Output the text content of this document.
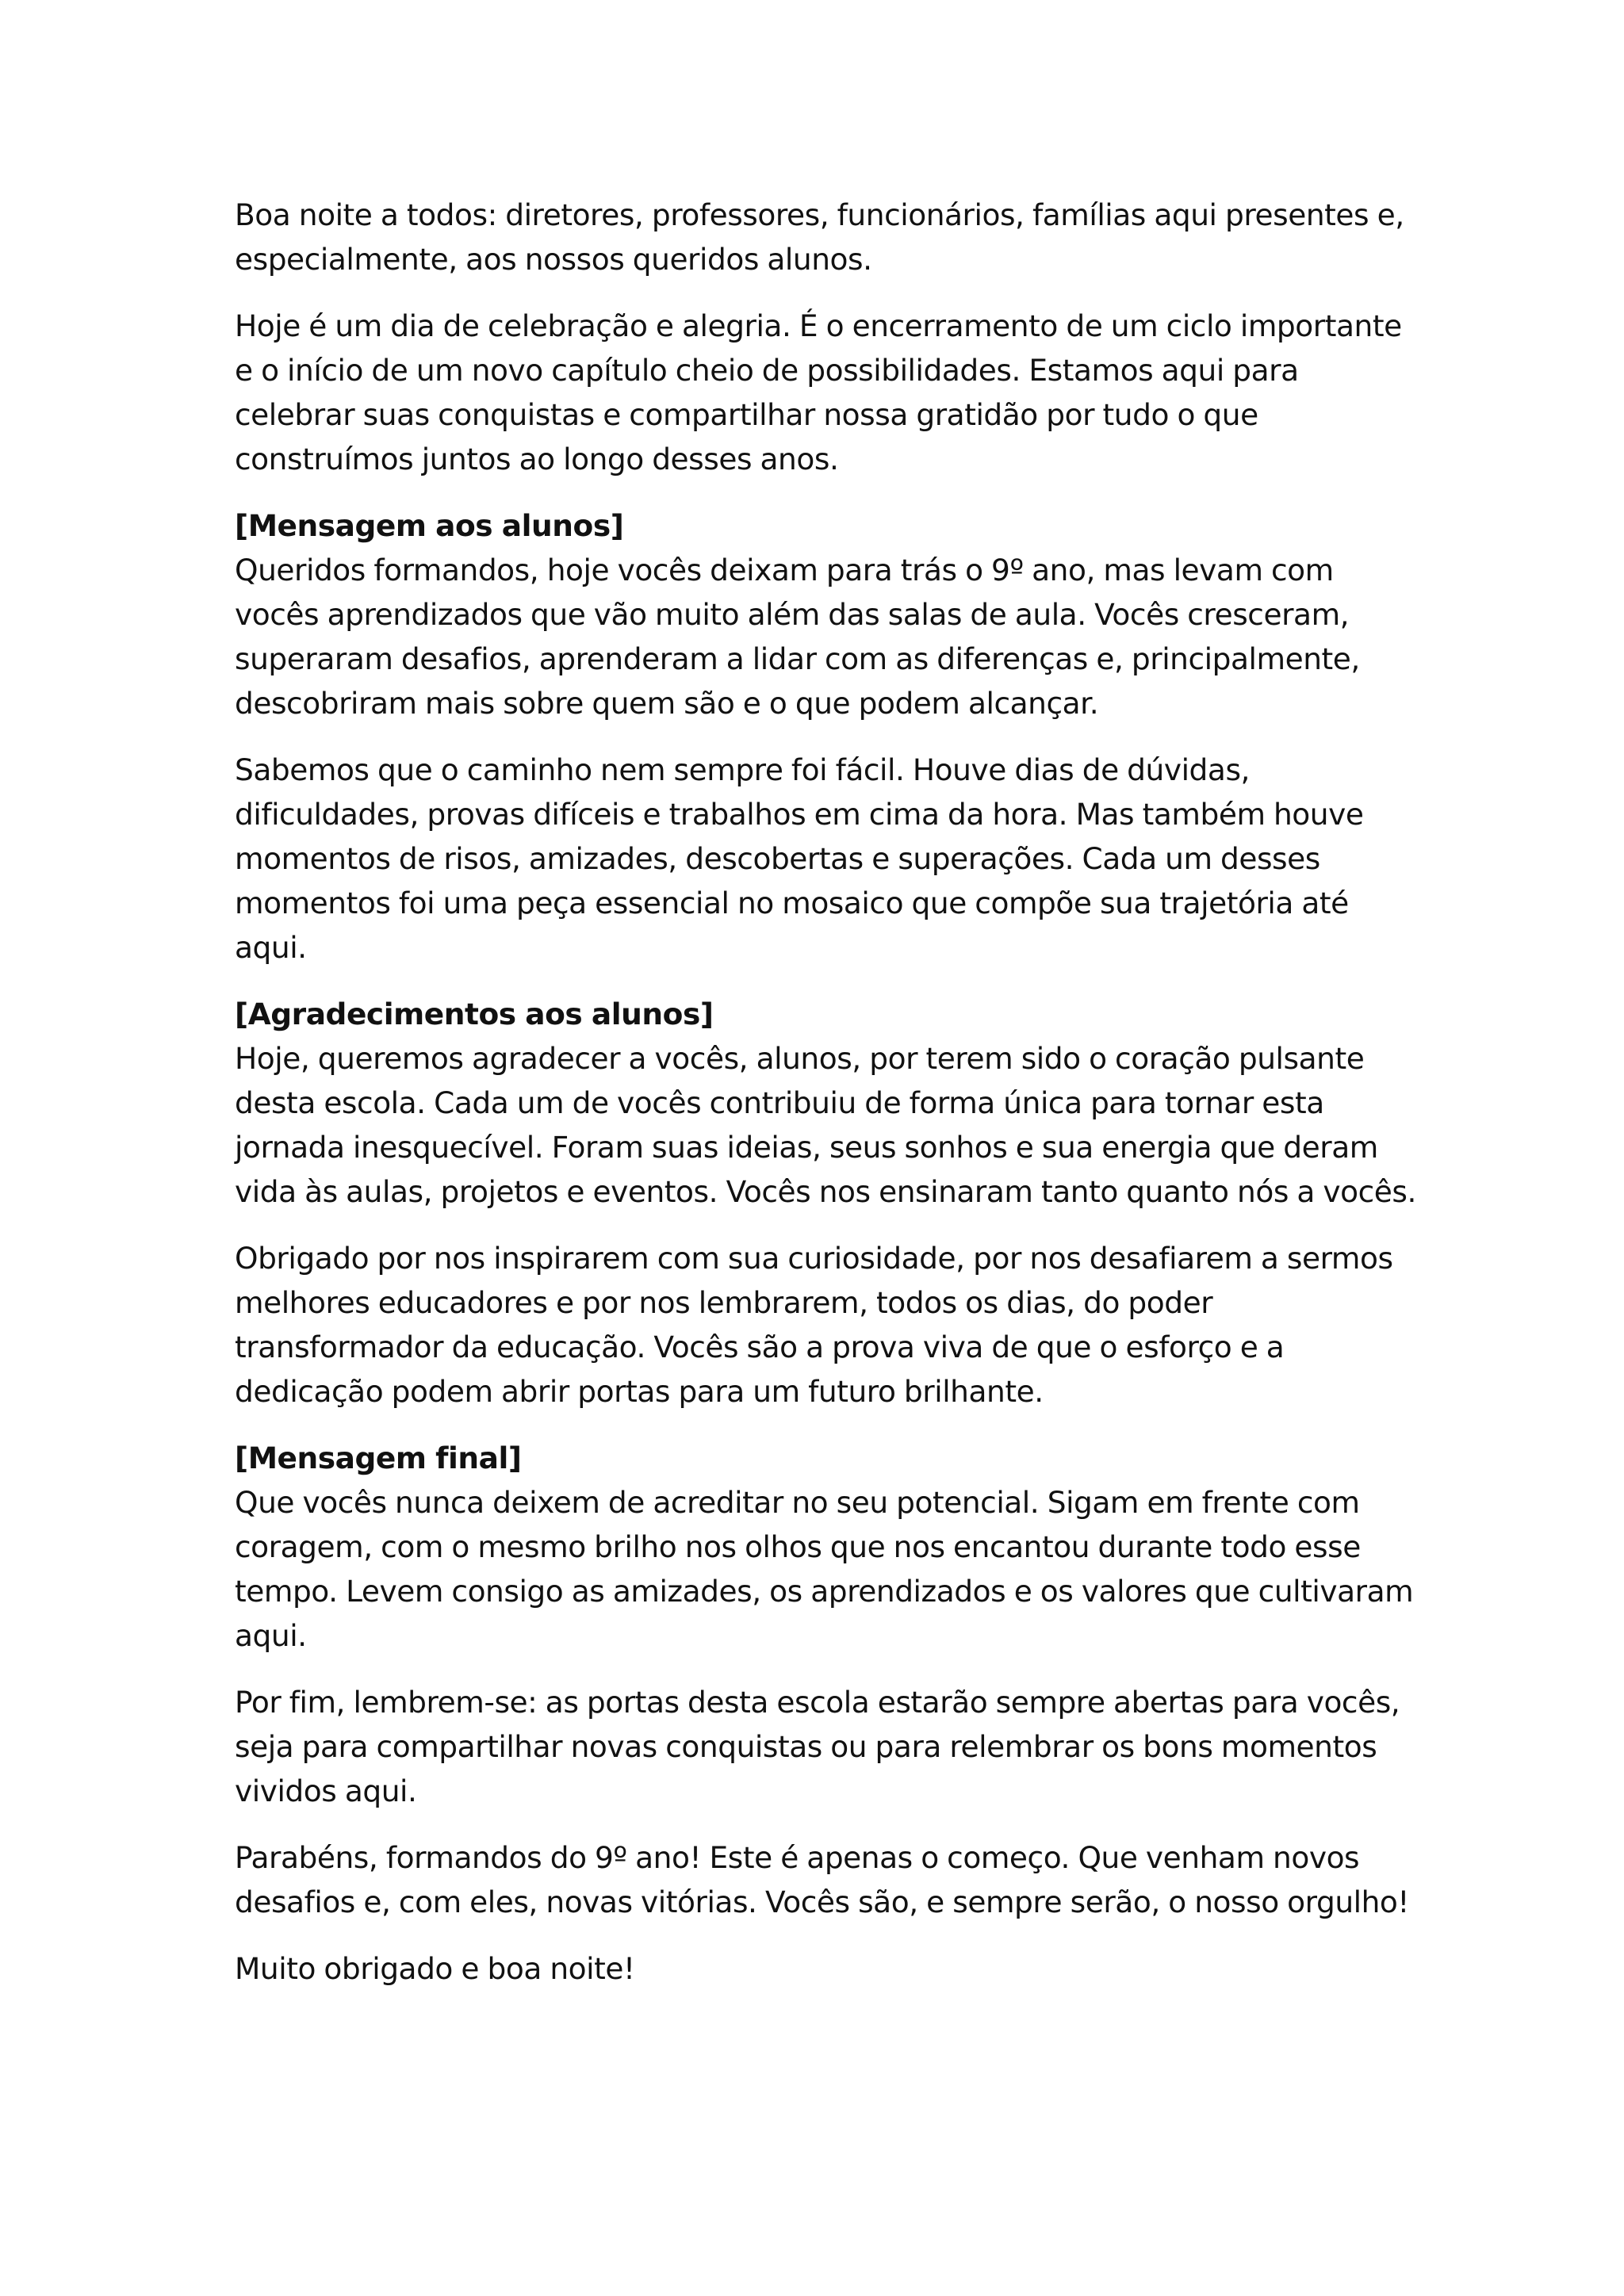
Boa noite a todos: diretores, professores, funcionários, famílias aqui presentes e, especialmente, aos nossos queridos alunos.

Hoje é um dia de celebração e alegria. É o encerramento de um ciclo importante e o início de um novo capítulo cheio de possibilidades. Estamos aqui para celebrar suas conquistas e compartilhar nossa gratidão por tudo o que construímos juntos ao longo desses anos.

[Mensagem aos alunos]
Queridos formandos, hoje vocês deixam para trás o 9º ano, mas levam com vocês aprendizados que vão muito além das salas de aula. Vocês cresceram, superaram desafios, aprenderam a lidar com as diferenças e, principalmente, descobriram mais sobre quem são e o que podem alcançar.

Sabemos que o caminho nem sempre foi fácil. Houve dias de dúvidas, dificuldades, provas difíceis e trabalhos em cima da hora. Mas também houve momentos de risos, amizades, descobertas e superações. Cada um desses momentos foi uma peça essencial no mosaico que compõe sua trajetória até aqui.

[Agradecimentos aos alunos]
Hoje, queremos agradecer a vocês, alunos, por terem sido o coração pulsante desta escola. Cada um de vocês contribuiu de forma única para tornar esta jornada inesquecível. Foram suas ideias, seus sonhos e sua energia que deram vida às aulas, projetos e eventos. Vocês nos ensinaram tanto quanto nós a vocês.

Obrigado por nos inspirarem com sua curiosidade, por nos desafiarem a sermos melhores educadores e por nos lembrarem, todos os dias, do poder transformador da educação. Vocês são a prova viva de que o esforço e a dedicação podem abrir portas para um futuro brilhante.

[Mensagem final]
Que vocês nunca deixem de acreditar no seu potencial. Sigam em frente com coragem, com o mesmo brilho nos olhos que nos encantou durante todo esse tempo. Levem consigo as amizades, os aprendizados e os valores que cultivaram aqui.

Por fim, lembrem-se: as portas desta escola estarão sempre abertas para vocês, seja para compartilhar novas conquistas ou para relembrar os bons momentos vividos aqui.

Parabéns, formandos do 9º ano! Este é apenas o começo. Que venham novos desafios e, com eles, novas vitórias. Vocês são, e sempre serão, o nosso orgulho!

Muito obrigado e boa noite!
